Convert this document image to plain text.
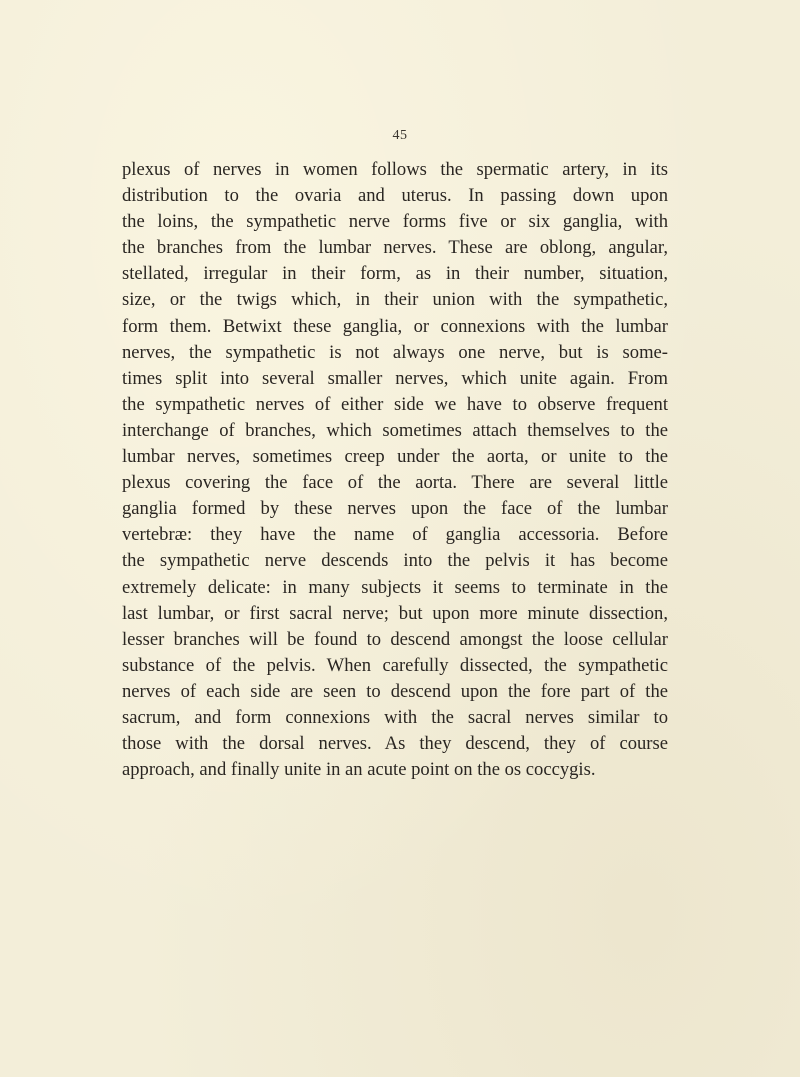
45
plexus of nerves in women follows the spermatic artery, in its
distribution to the ovaria and uterus. In passing down upon
the loins, the sympathetic nerve forms five or six ganglia, with
the branches from the lumbar nerves. These are oblong, angular,
stellated, irregular in their form, as in their number, situation,
size, or the twigs which, in their union with the sympathetic,
form them. Betwixt these ganglia, or connexions with the lumbar
nerves, the sympathetic is not always one nerve, but is some-
times split into several smaller nerves, which unite again. From
the sympathetic nerves of either side we have to observe frequent
interchange of branches, which sometimes attach themselves to the
lumbar nerves, sometimes creep under the aorta, or unite to the
plexus covering the face of the aorta. There are several little
ganglia formed by these nerves upon the face of the lumbar
vertebræ: they have the name of ganglia accessoria. Before
the sympathetic nerve descends into the pelvis it has become
extremely delicate: in many subjects it seems to terminate in the
last lumbar, or first sacral nerve; but upon more minute dissection,
lesser branches will be found to descend amongst the loose cellular
substance of the pelvis. When carefully dissected, the sympathetic
nerves of each side are seen to descend upon the fore part of the
sacrum, and form connexions with the sacral nerves similar to
those with the dorsal nerves. As they descend, they of course
approach, and finally unite in an acute point on the os coccygis.
